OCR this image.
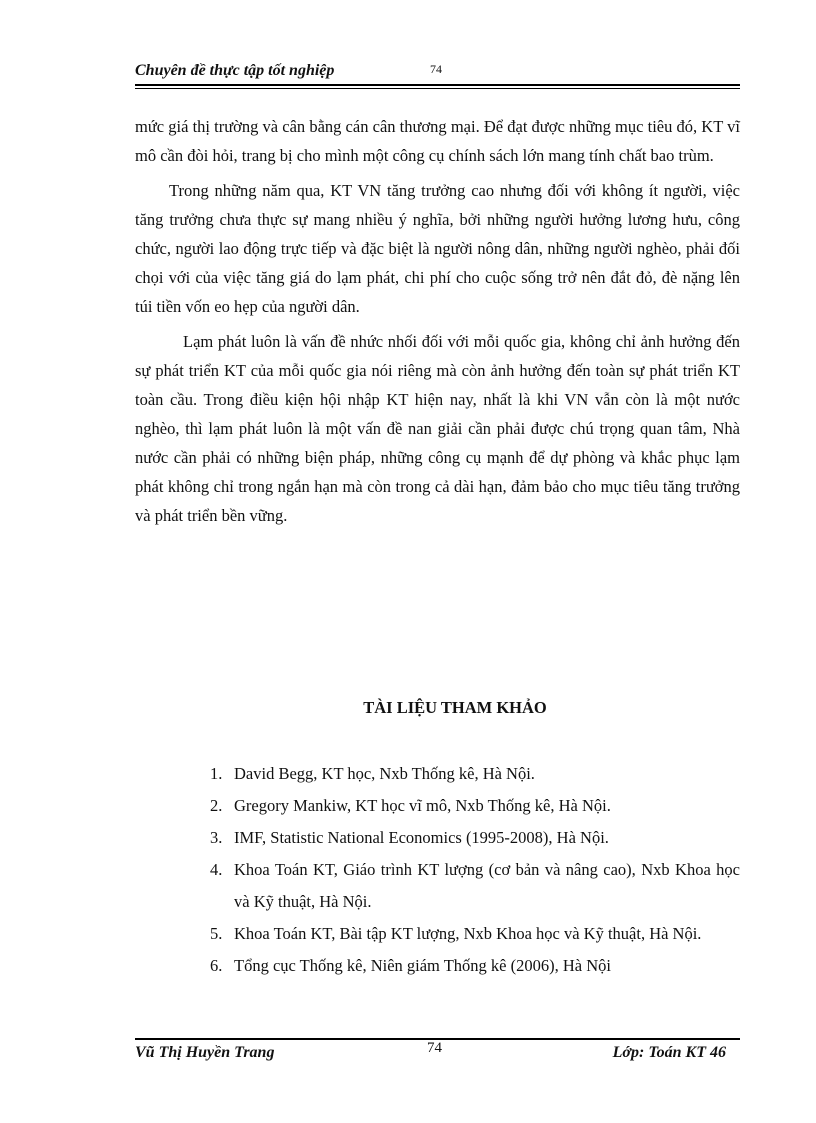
Chuyên đề thực tập tốt nghiệp	74

mức giá thị trường và cân bằng cán cân thương mại. Để đạt được những mục tiêu đó, KT vĩ mô cần đòi hỏi, trang bị cho mình một công cụ chính sách lớn mang tính chất bao trùm.

Trong những năm qua, KT VN tăng trưởng cao nhưng đối với không ít người, việc tăng trưởng chưa thực sự mang nhiều ý nghĩa, bởi những người hưởng lương hưu, công chức, người lao động trực tiếp và đặc biệt là người nông dân, những người nghèo, phải đối chọi với của việc tăng giá do lạm phát, chi phí cho cuộc sống trở nên đắt đỏ, đè nặng lên túi tiền vốn eo hẹp của người dân.

Lạm phát luôn là vấn đề nhức nhối đối với mỗi quốc gia, không chỉ ảnh hưởng đến sự phát triển KT của mỗi quốc gia nói riêng mà còn ảnh hưởng đến toàn sự phát triển KT toàn cầu. Trong điều kiện hội nhập KT hiện nay, nhất là khi VN vẫn còn là một nước nghèo, thì lạm phát luôn là một vấn đề nan giải cần phải được chú trọng quan tâm, Nhà nước cần phải có những biện pháp, những công cụ mạnh để dự phòng và khắc phục lạm phát không chỉ trong ngắn hạn mà còn trong cả dài hạn, đảm bảo cho mục tiêu tăng trưởng và phát triển bền vững.

TÀI LIỆU THAM KHẢO
1. David Begg, KT học, Nxb Thống kê, Hà Nội.
2. Gregory Mankiw, KT học vĩ mô, Nxb Thống kê, Hà Nội.
3. IMF, Statistic National Economics (1995-2008), Hà Nội.
4. Khoa Toán KT, Giáo trình KT lượng (cơ bản và nâng cao), Nxb Khoa học và Kỹ thuật, Hà Nội.
5. Khoa Toán KT, Bài tập KT lượng, Nxb Khoa học và Kỹ thuật, Hà Nội.
6. Tổng cục Thống kê, Niên giám Thống kê (2006), Hà Nội
Vũ Thị Huyền Trang	74	Lớp: Toán KT 46
